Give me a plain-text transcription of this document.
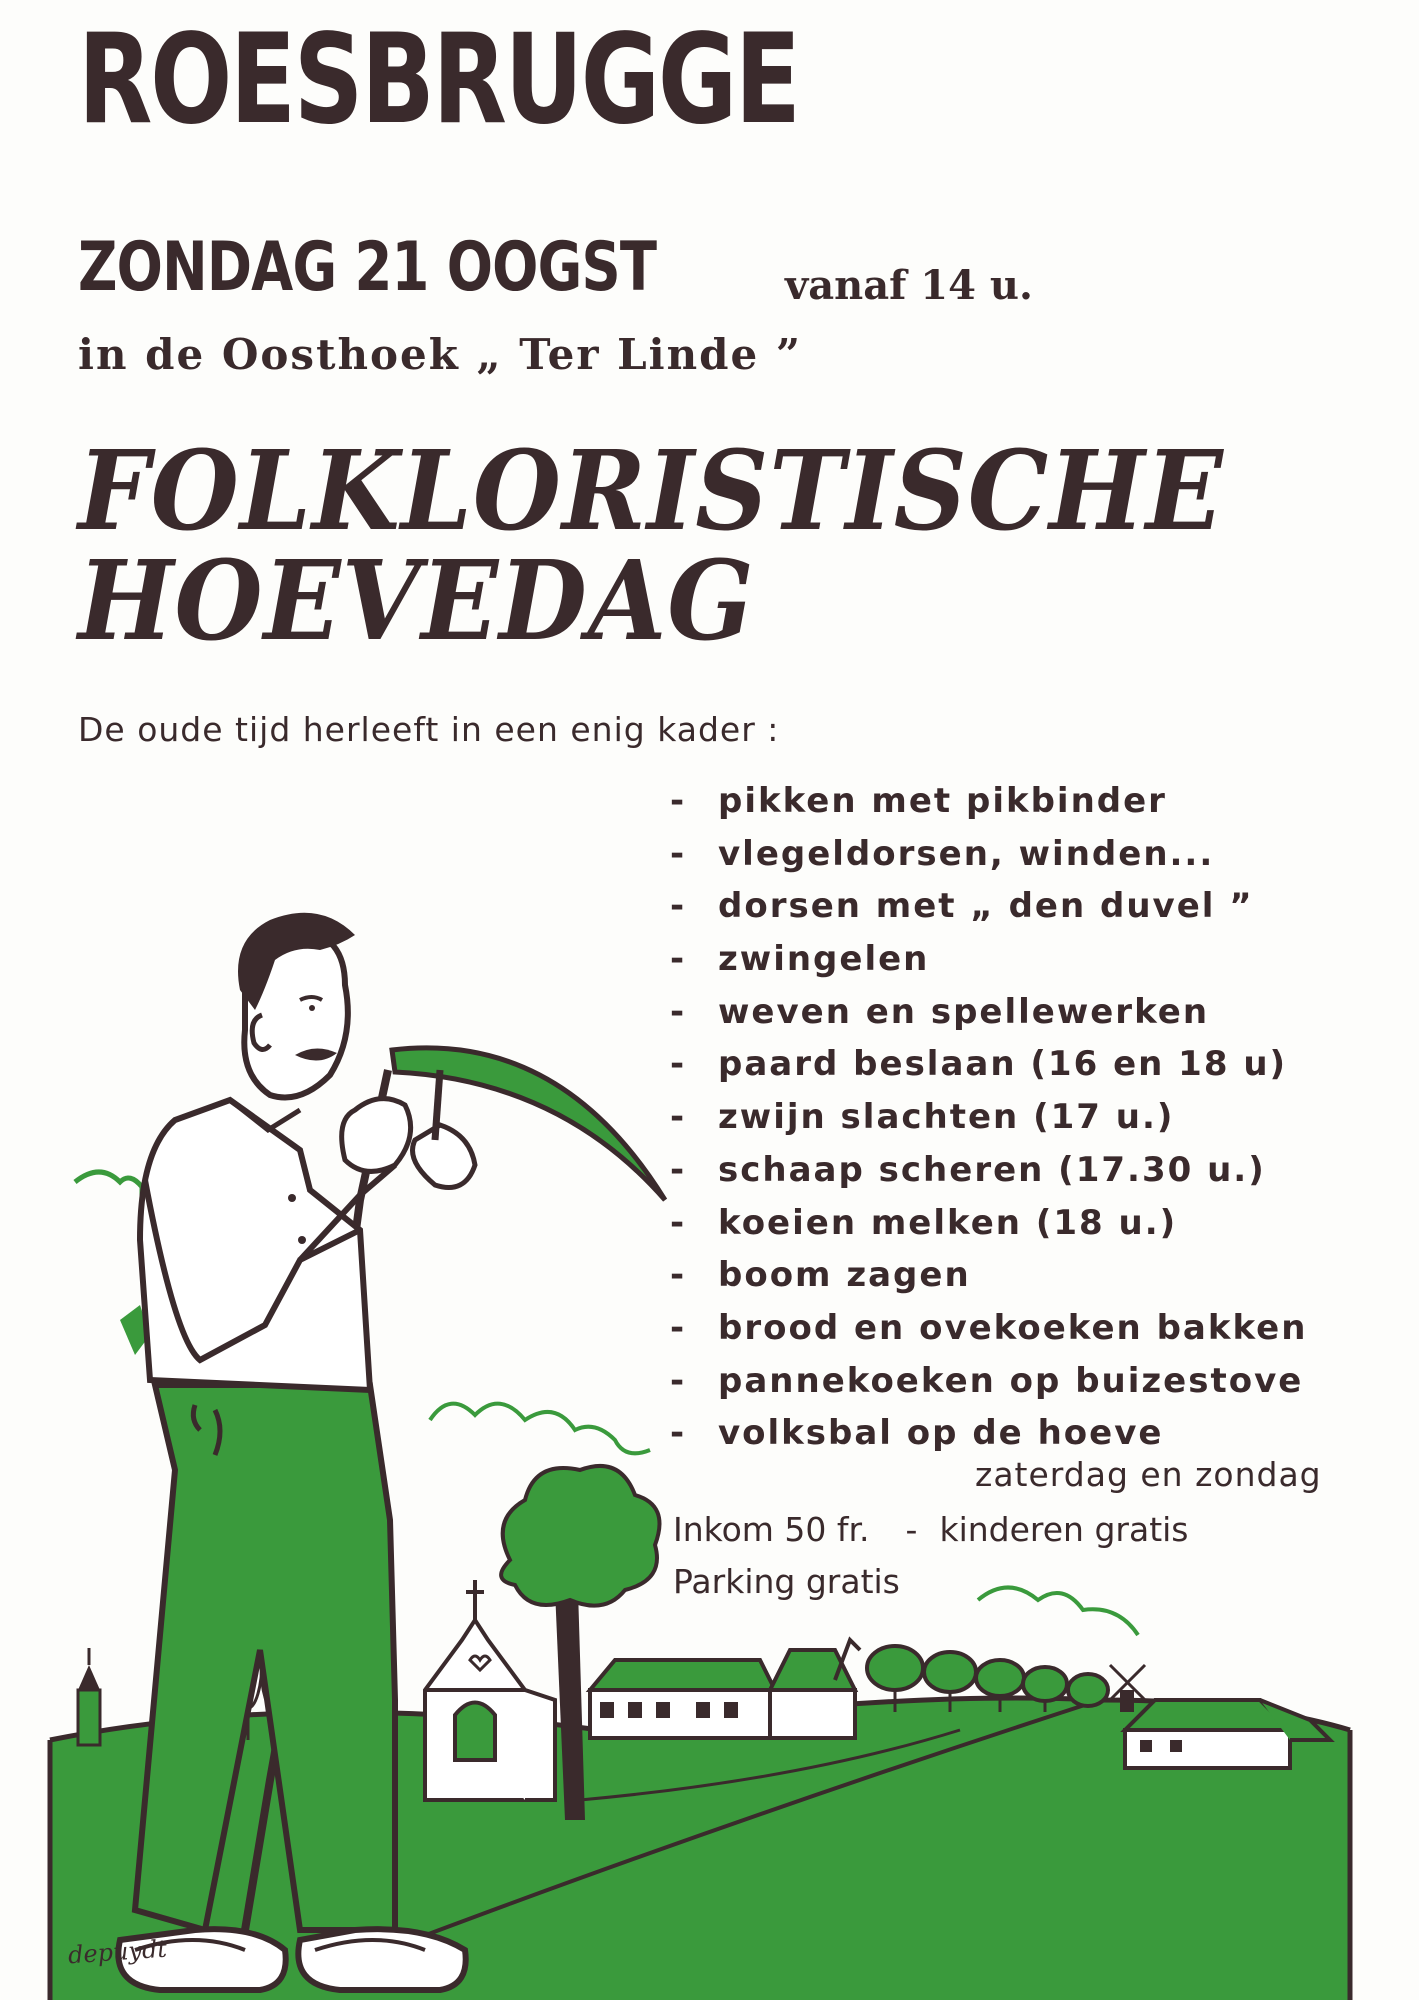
ROESBRUGGE
ZONDAG 21 OOGST	vanaf 14 u.
in de Oosthoek „ Ter Linde ”
FOLKLORISTISCHE
HOEVEDAG
De oude tijd herleeft in een enig kader :
- pikken met pikbinder
- vlegeldorsen, winden...
- dorsen met „ den duvel ”
- zwingelen
- weven en spellewerken
- paard beslaan (16 en 18 u)
- zwijn slachten (17 u.)
- schaap scheren (17.30 u.)
- koeien melken (18 u.)
- boom zagen
- brood en ovekoeken bakken
- pannekoeken op buizestove
- volksbal op de hoeve
zaterdag en zondag
Inkom 50 fr. - kinderen gratis
Parking gratis
depuydt
